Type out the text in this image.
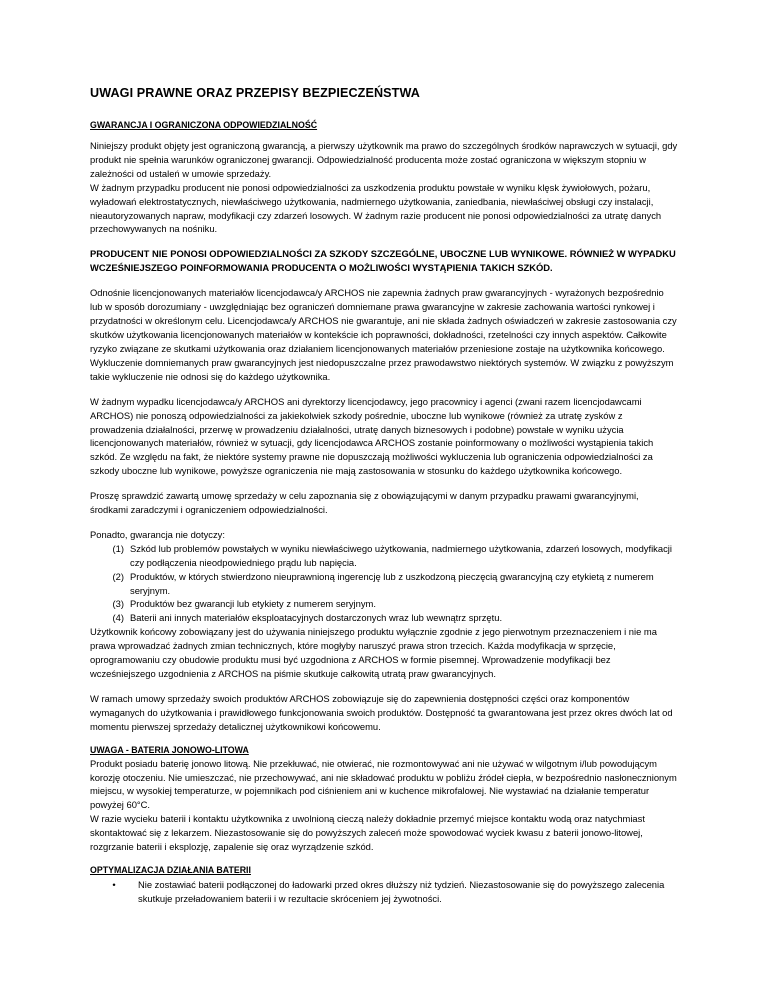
UWAGI PRAWNE ORAZ PRZEPISY BEZPIECZEŃSTWA
GWARANCJA I OGRANICZONA ODPOWIEDZIALNOŚĆ

Niniejszy produkt objęty jest ograniczoną gwarancją, a pierwszy użytkownik ma prawo do szczególnych środków naprawczych w sytuacji, gdy produkt nie spełnia warunków ograniczonej gwarancji. Odpowiedzialność producenta może zostać ograniczona w większym stopniu w zależności od ustaleń w umowie sprzedaży.

W żadnym przypadku producent nie ponosi odpowiedzialności za uszkodzenia produktu powstałe w wyniku klęsk żywiołowych, pożaru, wyładowań elektrostatycznych, niewłaściwego użytkowania, nadmiernego użytkowania, zaniedbania, niewłaściwej obsługi czy instalacji, nieautoryzowanych napraw, modyfikacji czy zdarzeń losowych. W żadnym razie producent nie ponosi odpowiedzialności za utratę danych przechowywanych na nośniku.

PRODUCENT NIE PONOSI ODPOWIEDZIALNOŚCI ZA SZKODY SZCZEGÓLNE, UBOCZNE LUB WYNIKOWE. RÓWNIEŻ W WYPADKU WCZEŚNIEJSZEGO POINFORMOWANIA PRODUCENTA O MOŻLIWOŚCI WYSTĄPIENIA TAKICH SZKÓD.

Odnośnie licencjonowanych materiałów licencjodawca/y ARCHOS nie zapewnia żadnych praw gwarancyjnych - wyrażonych bezpośrednio lub w sposób dorozumiany - uwzględniając bez ograniczeń domniemane prawa gwarancyjne w zakresie zachowania wartości rynkowej i przydatności w określonym celu. Licencjodawca/y ARCHOS nie gwarantuje, ani nie składa żadnych oświadczeń w zakresie zastosowania czy skutków użytkowania licencjonowanych materiałów w kontekście ich poprawności, dokładności, rzetelności czy innych aspektów. Całkowite ryzyko związane ze skutkami użytkowania oraz działaniem licencjonowanych materiałów przeniesione zostaje na użytkownika końcowego. Wykluczenie domniemanych praw gwarancyjnych jest niedopuszczalne przez prawodawstwo niektórych systemów. W związku z powyższym takie wykluczenie nie odnosi się do każdego użytkownika.

W żadnym wypadku licencjodawca/y ARCHOS ani dyrektorzy licencjodawcy, jego pracownicy i agenci (zwani razem licencjodawcami ARCHOS) nie ponoszą odpowiedzialności za jakiekolwiek szkody pośrednie, uboczne lub wynikowe (również za utratę zysków z prowadzenia działalności, przerwę w prowadzeniu działalności, utratę danych biznesowych i podobne) powstałe w wyniku użycia licencjonowanych materiałów, również w sytuacji, gdy licencjodawca ARCHOS zostanie poinformowany o możliwości wystąpienia takich szkód. Ze względu na fakt, że niektóre systemy prawne nie dopuszczają możliwości wykluczenia lub ograniczenia odpowiedzialności za szkody uboczne lub wynikowe, powyższe ograniczenia nie mają zastosowania w stosunku do każdego użytkownika końcowego.

Proszę sprawdzić zawartą umowę sprzedaży w celu zapoznania się z obowiązującymi w danym przypadku prawami gwarancyjnymi, środkami zaradczymi i ograniczeniem odpowiedzialności.

Ponadto, gwarancja nie dotyczy:

(1) Szkód lub problemów powstałych w wyniku niewłaściwego użytkowania, nadmiernego użytkowania, zdarzeń losowych, modyfikacji czy podłączenia nieodpowiedniego prądu lub napięcia.
(2) Produktów, w których stwierdzono nieuprawnioną ingerencję lub z uszkodzoną pieczęcią gwarancyjną czy etykietą z numerem seryjnym.
(3) Produktów bez gwarancji lub etykiety z numerem seryjnym.
(4) Baterii ani innych materiałów eksploatacyjnych dostarczonych wraz lub wewnątrz sprzętu.

Użytkownik końcowy zobowiązany jest do używania niniejszego produktu wyłącznie zgodnie z jego pierwotnym przeznaczeniem i nie ma prawa wprowadzać żadnych zmian technicznych, które mogłyby naruszyć prawa stron trzecich. Każda modyfikacja w sprzęcie, oprogramowaniu czy obudowie produktu musi być uzgodniona z ARCHOS w formie pisemnej. Wprowadzenie modyfikacji bez wcześniejszego uzgodnienia z ARCHOS na piśmie skutkuje całkowitą utratą praw gwarancyjnych.

W ramach umowy sprzedaży swoich produktów ARCHOS zobowiązuje się do zapewnienia dostępności części oraz komponentów wymaganych do użytkowania i prawidłowego funkcjonowania swoich produktów. Dostępność ta gwarantowana jest przez okres dwóch lat od momentu pierwszej sprzedaży detalicznej użytkownikowi końcowemu.

UWAGA - BATERIA JONOWO-LITOWA

Produkt posiadu baterię jonowo litową. Nie przekłuwać, nie otwierać, nie rozmontowywać ani nie używać w wilgotnym i/lub powodującym korozję otoczeniu. Nie umieszczać, nie przechowywać, ani nie składować produktu w pobliżu źródeł ciepła, w bezpośrednio nasłonecznionym miejscu, w wysokiej temperaturze, w pojemnikach pod ciśnieniem ani w kuchence mikrofalowej. Nie wystawiać na działanie temperatur powyżej 60°C.

W razie wycieku baterii i kontaktu użytkownika z uwolnioną cieczą należy dokładnie przemyć miejsce kontaktu wodą oraz natychmiast skontaktować się z lekarzem. Niezastosowanie się do powyższych zaleceń może spowodować wyciek kwasu z baterii jonowo-litowej, rozgrzanie baterii i eksplozję, zapalenie się oraz wyrządzenie szkód.

OPTYMALIZACJA DZIAŁANIA BATERII
•	Nie zostawiać baterii podłączonej do ładowarki przed okres dłuższy niż tydzień. Niezastosowanie się do powyższego zalecenia skutkuje przeładowaniem baterii i w rezultacie skróceniem jej żywotności.
